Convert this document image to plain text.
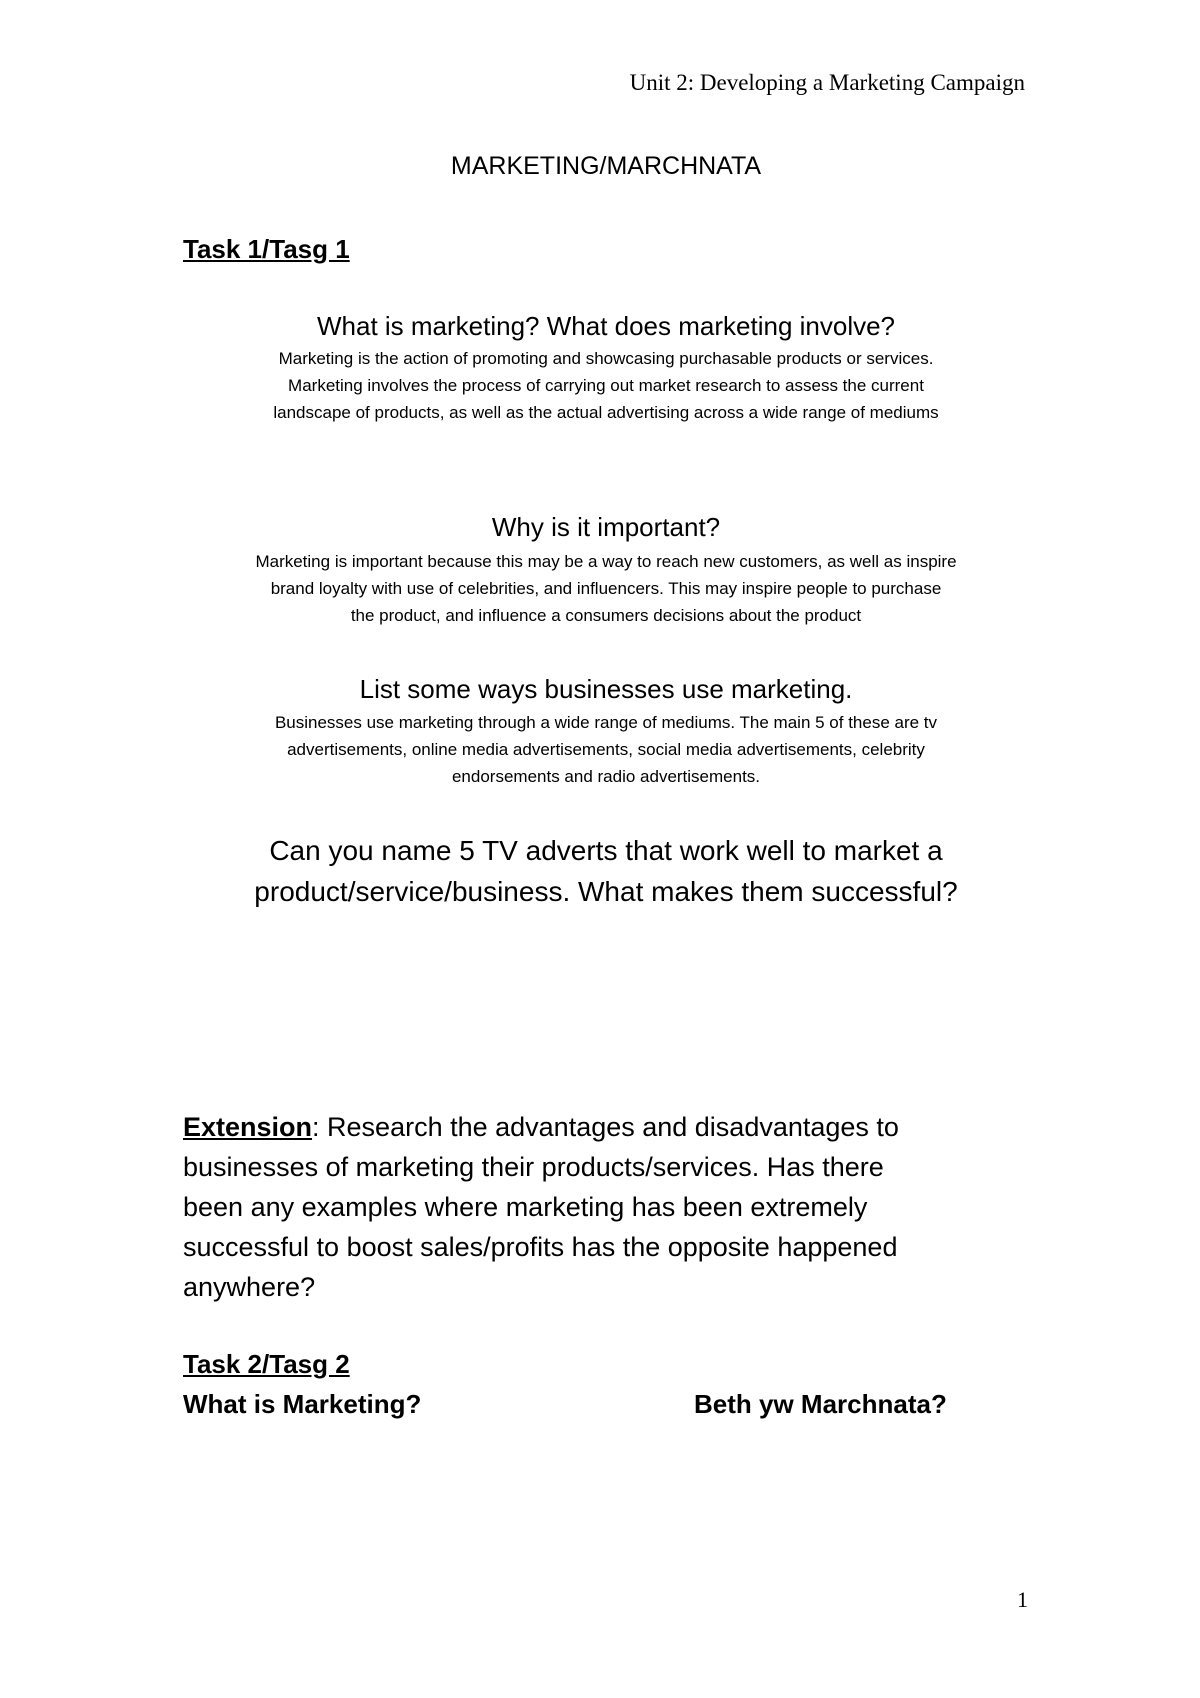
Unit 2: Developing a Marketing Campaign
MARKETING/MARCHNATA
Task 1/Tasg 1
What is marketing? What does marketing involve?
Marketing is the action of promoting and showcasing purchasable products or services.
Marketing involves the process of carrying out market research to assess the current
landscape of products, as well as the actual advertising across a wide range of mediums
Why is it important?
Marketing is important because this may be a way to reach new customers, as well as inspire
brand loyalty with use of celebrities, and influencers. This may inspire people to purchase
the product, and influence a consumers decisions about the product
List some ways businesses use marketing.
Businesses use marketing through a wide range of mediums. The main 5 of these are tv
advertisements, online media advertisements, social media advertisements, celebrity
endorsements and radio advertisements.
Can you name 5 TV adverts that work well to market a
product/service/business. What makes them successful?
Extension: Research the advantages and disadvantages to
businesses of marketing their products/services. Has there
been any examples where marketing has been extremely
successful to boost sales/profits has the opposite happened
anywhere?
Task 2/Tasg 2
What is Marketing?	Beth yw Marchnata?
1
